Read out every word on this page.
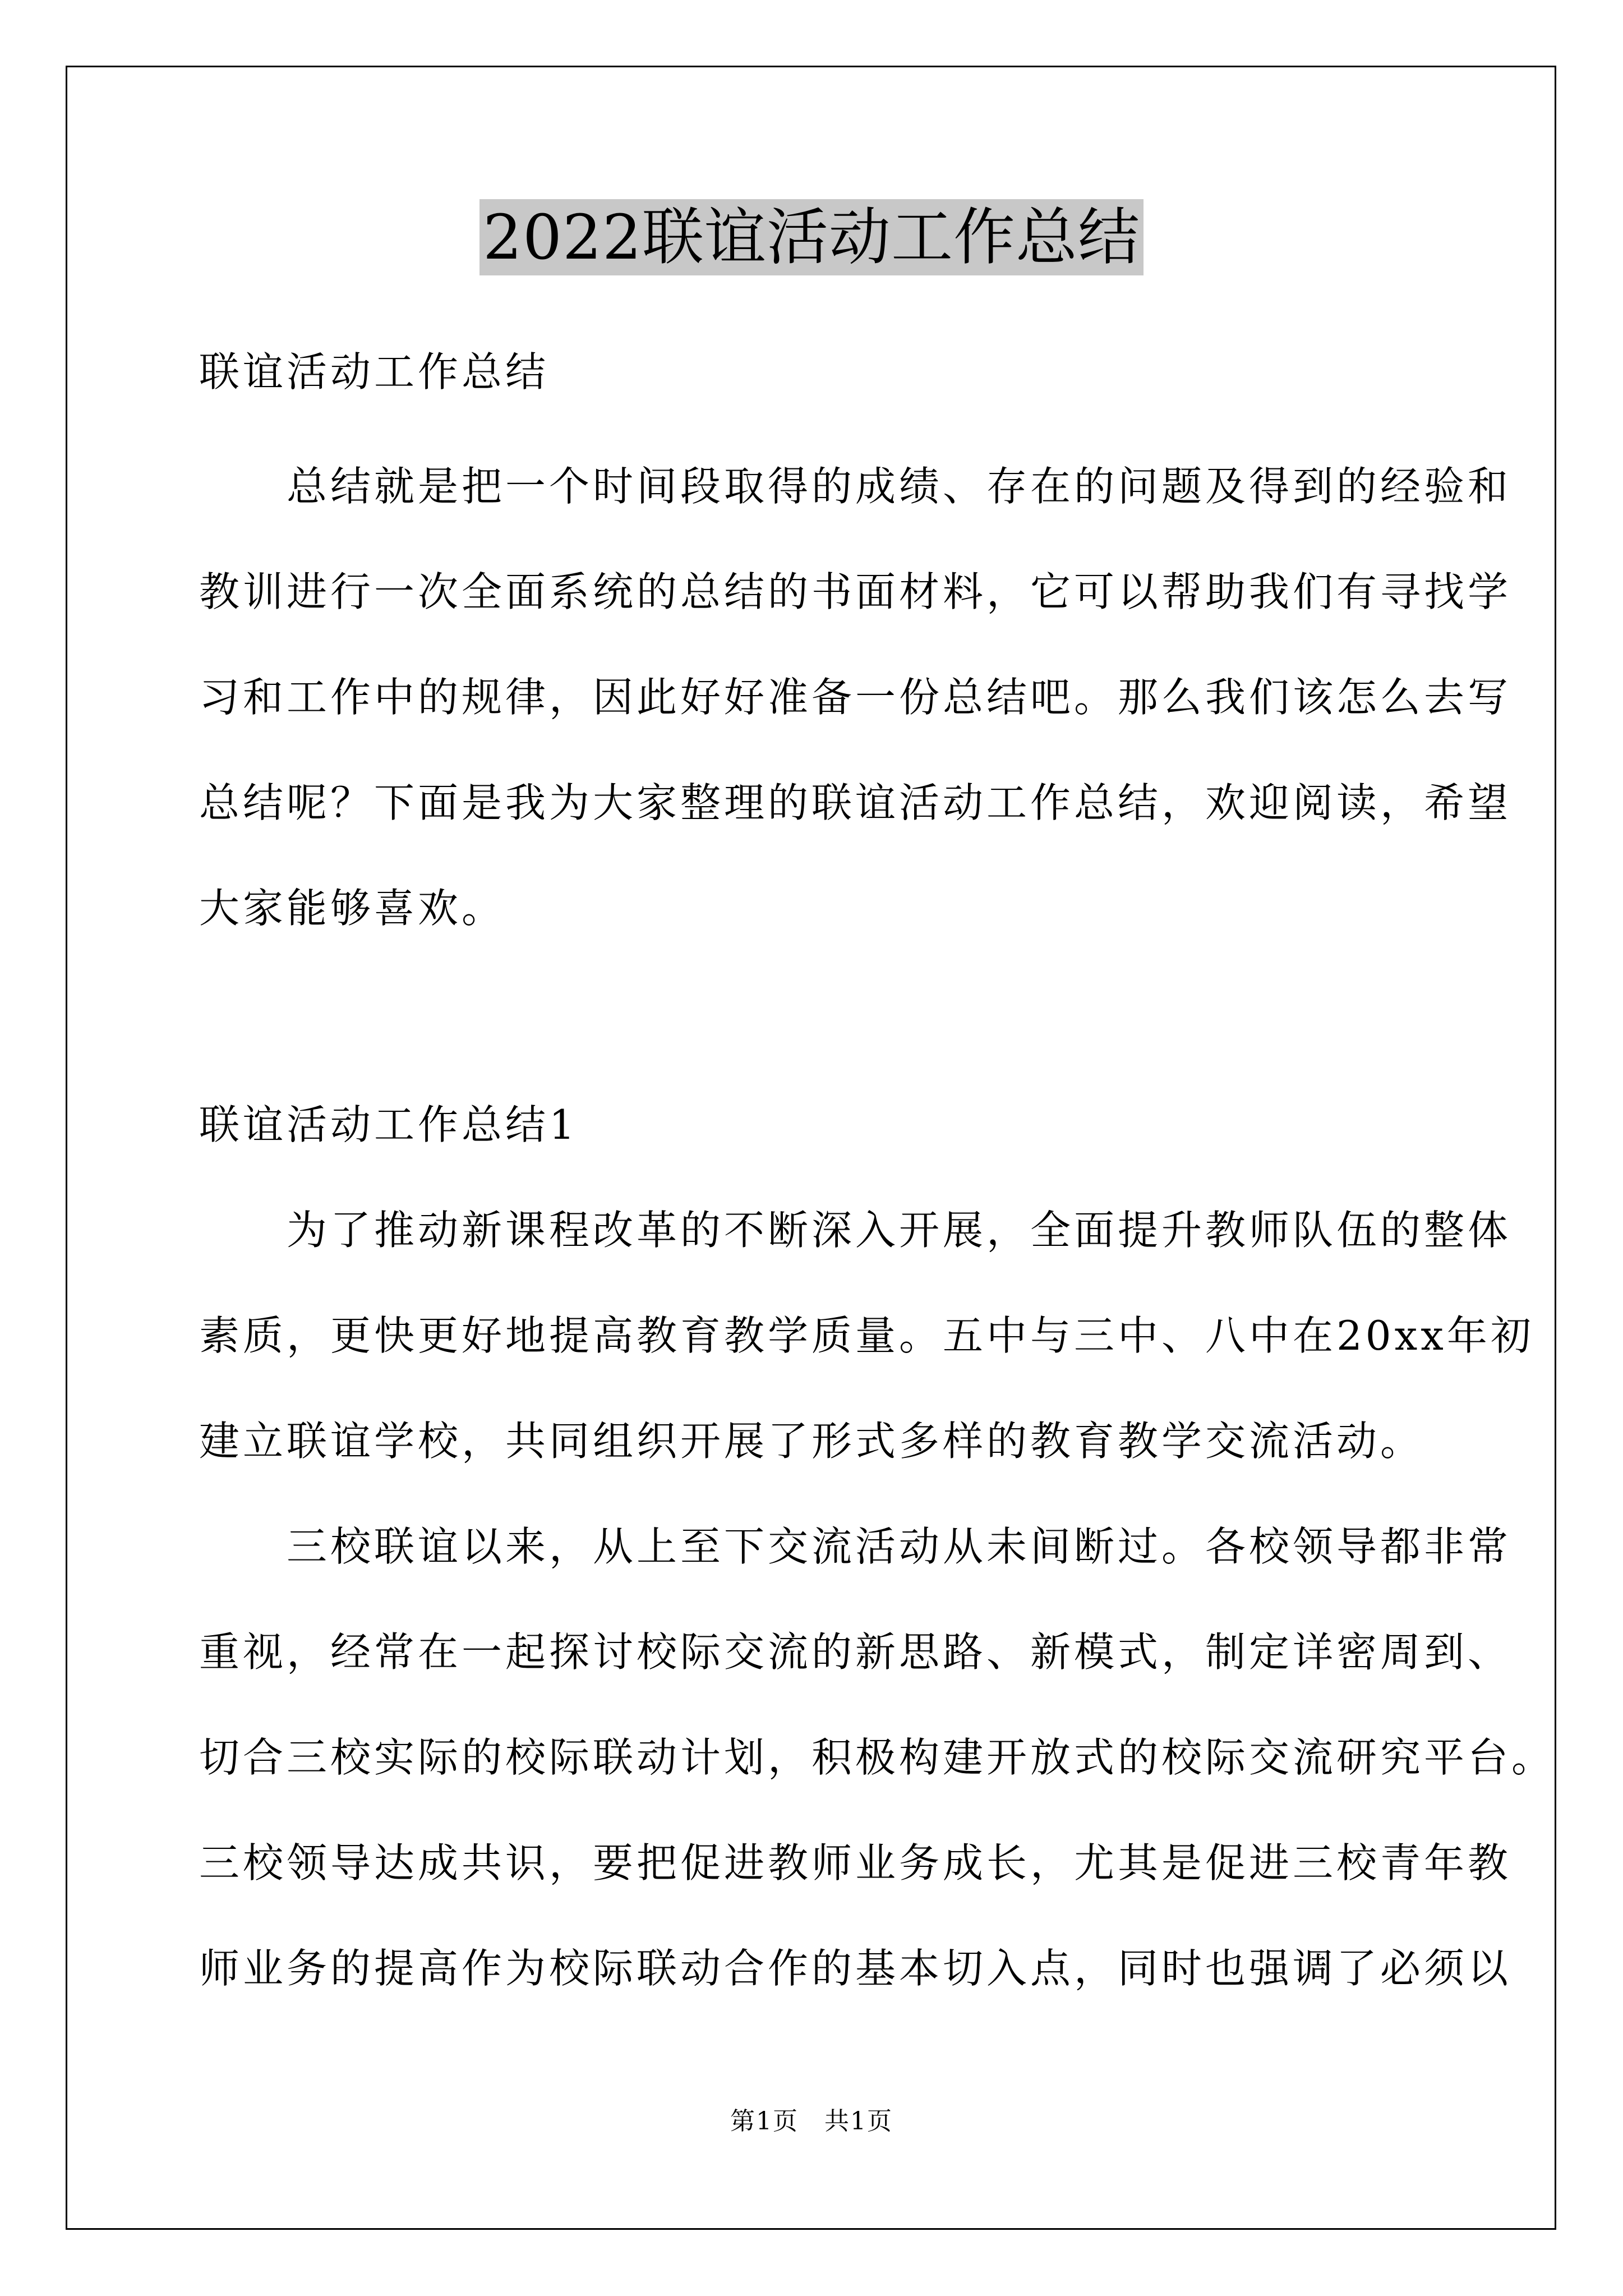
2022联谊活动工作总结
联谊活动工作总结
　　总结就是把一个时间段取得的成绩、存在的问题及得到的经验和
教训进行一次全面系统的总结的书面材料，它可以帮助我们有寻找学
习和工作中的规律，因此好好准备一份总结吧。那么我们该怎么去写
总结呢？下面是我为大家整理的联谊活动工作总结，欢迎阅读，希望
大家能够喜欢。
联谊活动工作总结1
　　为了推动新课程改革的不断深入开展，全面提升教师队伍的整体
素质，更快更好地提高教育教学质量。五中与三中、八中在20xx年初
建立联谊学校，共同组织开展了形式多样的教育教学交流活动。
　　三校联谊以来，从上至下交流活动从未间断过。各校领导都非常
重视，经常在一起探讨校际交流的新思路、新模式，制定详密周到、
切合三校实际的校际联动计划，积极构建开放式的校际交流研究平台。
三校领导达成共识，要把促进教师业务成长，尤其是促进三校青年教
师业务的提高作为校际联动合作的基本切入点，同时也强调了必须以
第1页　共1页
